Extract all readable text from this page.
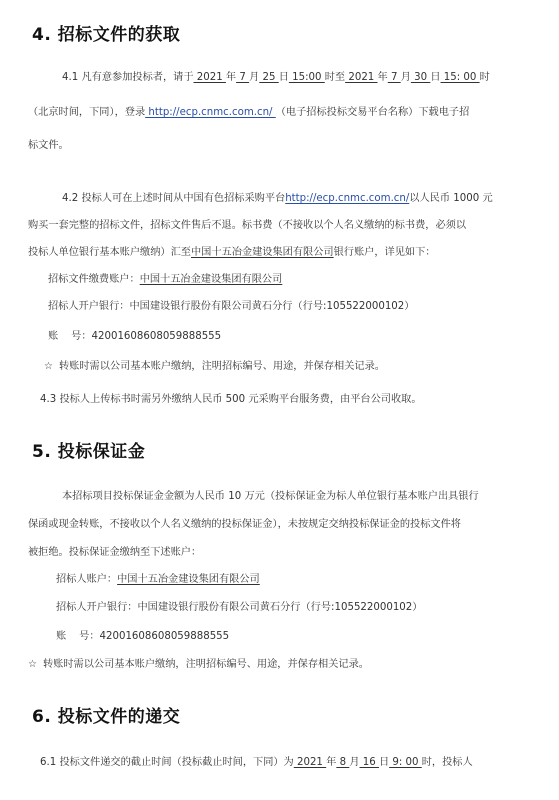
4. 招标文件的获取
4.1 凡有意参加投标者，请于 2021 年 7 月 25 日 15:00 时至 2021 年 7 月 30 日 15: 00 时
（北京时间，下同），登录 http://ecp.cnmc.com.cn/ （电子招标投标交易平台名称）下载电子招
标文件。
4.2 投标人可在上述时间从中国有色招标采购平台http://ecp.cnmc.com.cn/以人民币 1000 元
购买一套完整的招标文件，招标文件售后不退。标书费（不接收以个人名义缴纳的标书费，必须以
投标人单位银行基本账户缴纳）汇至中国十五冶金建设集团有限公司银行账户，详见如下：
招标文件缴费账户：中国十五冶金建设集团有限公司
招标人开户银行：中国建设银行股份有限公司黄石分行（行号:105522000102）
账    号：42001608608059888555
☆ 转账时需以公司基本账户缴纳，注明招标编号、用途，并保存相关记录。
4.3 投标人上传标书时需另外缴纳人民币 500 元采购平台服务费，由平台公司收取。
5. 投标保证金
本招标项目投标保证金金额为人民币 10 万元（投标保证金为标人单位银行基本账户出具银行
保函或现金转账，不接收以个人名义缴纳的投标保证金），未按规定交纳投标保证金的投标文件将
被拒绝。投标保证金缴纳至下述账户：
招标人账户：中国十五冶金建设集团有限公司
招标人开户银行：中国建设银行股份有限公司黄石分行（行号:105522000102）
账    号：42001608608059888555
☆ 转账时需以公司基本账户缴纳，注明招标编号、用途，并保存相关记录。
6. 投标文件的递交
6.1 投标文件递交的截止时间（投标截止时间，下同）为 2021 年 8 月 16 日 9: 00 时，投标人
